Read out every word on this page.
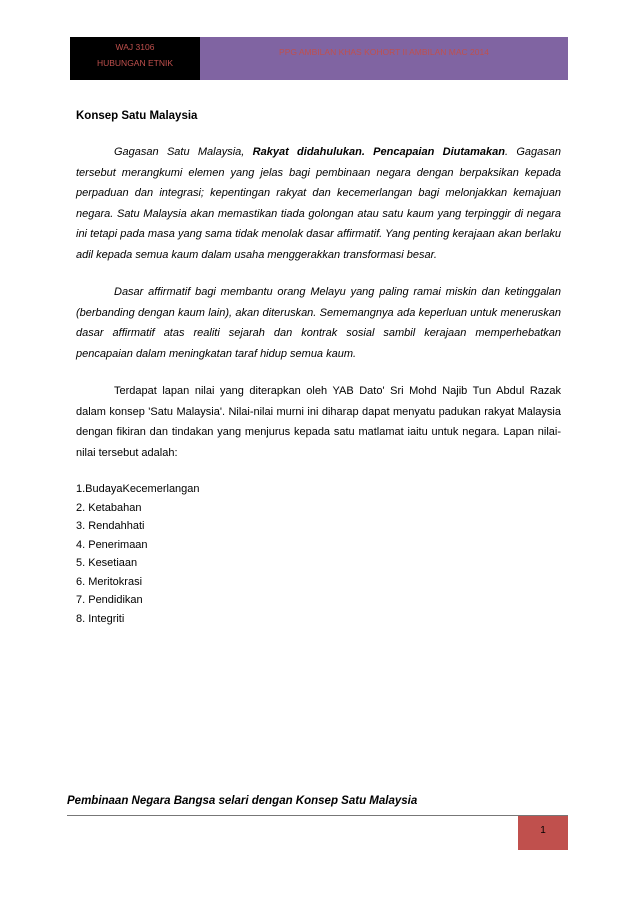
WAJ 3106
HUBUNGAN ETNIK
PPG AMBILAN KHAS KOHORT II AMBILAN MAC 2014
Konsep Satu Malaysia

Gagasan Satu Malaysia, Rakyat didahulukan. Pencapaian Diutamakan. Gagasan tersebut merangkumi elemen yang jelas bagi pembinaan negara dengan berpaksikan kepada perpaduan dan integrasi; kepentingan rakyat dan kecemerlangan bagi melonjakkan kemajuan negara. Satu Malaysia akan memastikan tiada golongan atau satu kaum yang terpinggir di negara ini tetapi pada masa yang sama tidak menolak dasar affirmatif. Yang penting kerajaan akan berlaku adil kepada semua kaum dalam usaha menggerakkan transformasi besar.

Dasar affirmatif bagi membantu orang Melayu yang paling ramai miskin dan ketinggalan (berbanding dengan kaum lain), akan diteruskan. Sememangnya ada keperluan untuk meneruskan dasar affirmatif atas realiti sejarah dan kontrak sosial sambil kerajaan memperhebatkan pencapaian dalam meningkatan taraf hidup semua kaum.

Terdapat lapan nilai yang diterapkan oleh YAB Dato' Sri Mohd Najib Tun Abdul Razak dalam konsep 'Satu Malaysia'. Nilai-nilai murni ini diharap dapat menyatu padukan rakyat Malaysia dengan fikiran dan tindakan yang menjurus kepada satu matlamat iaitu untuk negara. Lapan nilai-nilai tersebut adalah:

1.BudayaKecemerlangan
2. Ketabahan
3. Rendahhati
4. Penerimaan
5. Kesetiaan
6. Meritokrasi
7. Pendidikan
8. Integriti
Pembinaan Negara Bangsa selari dengan Konsep Satu Malaysia
1
